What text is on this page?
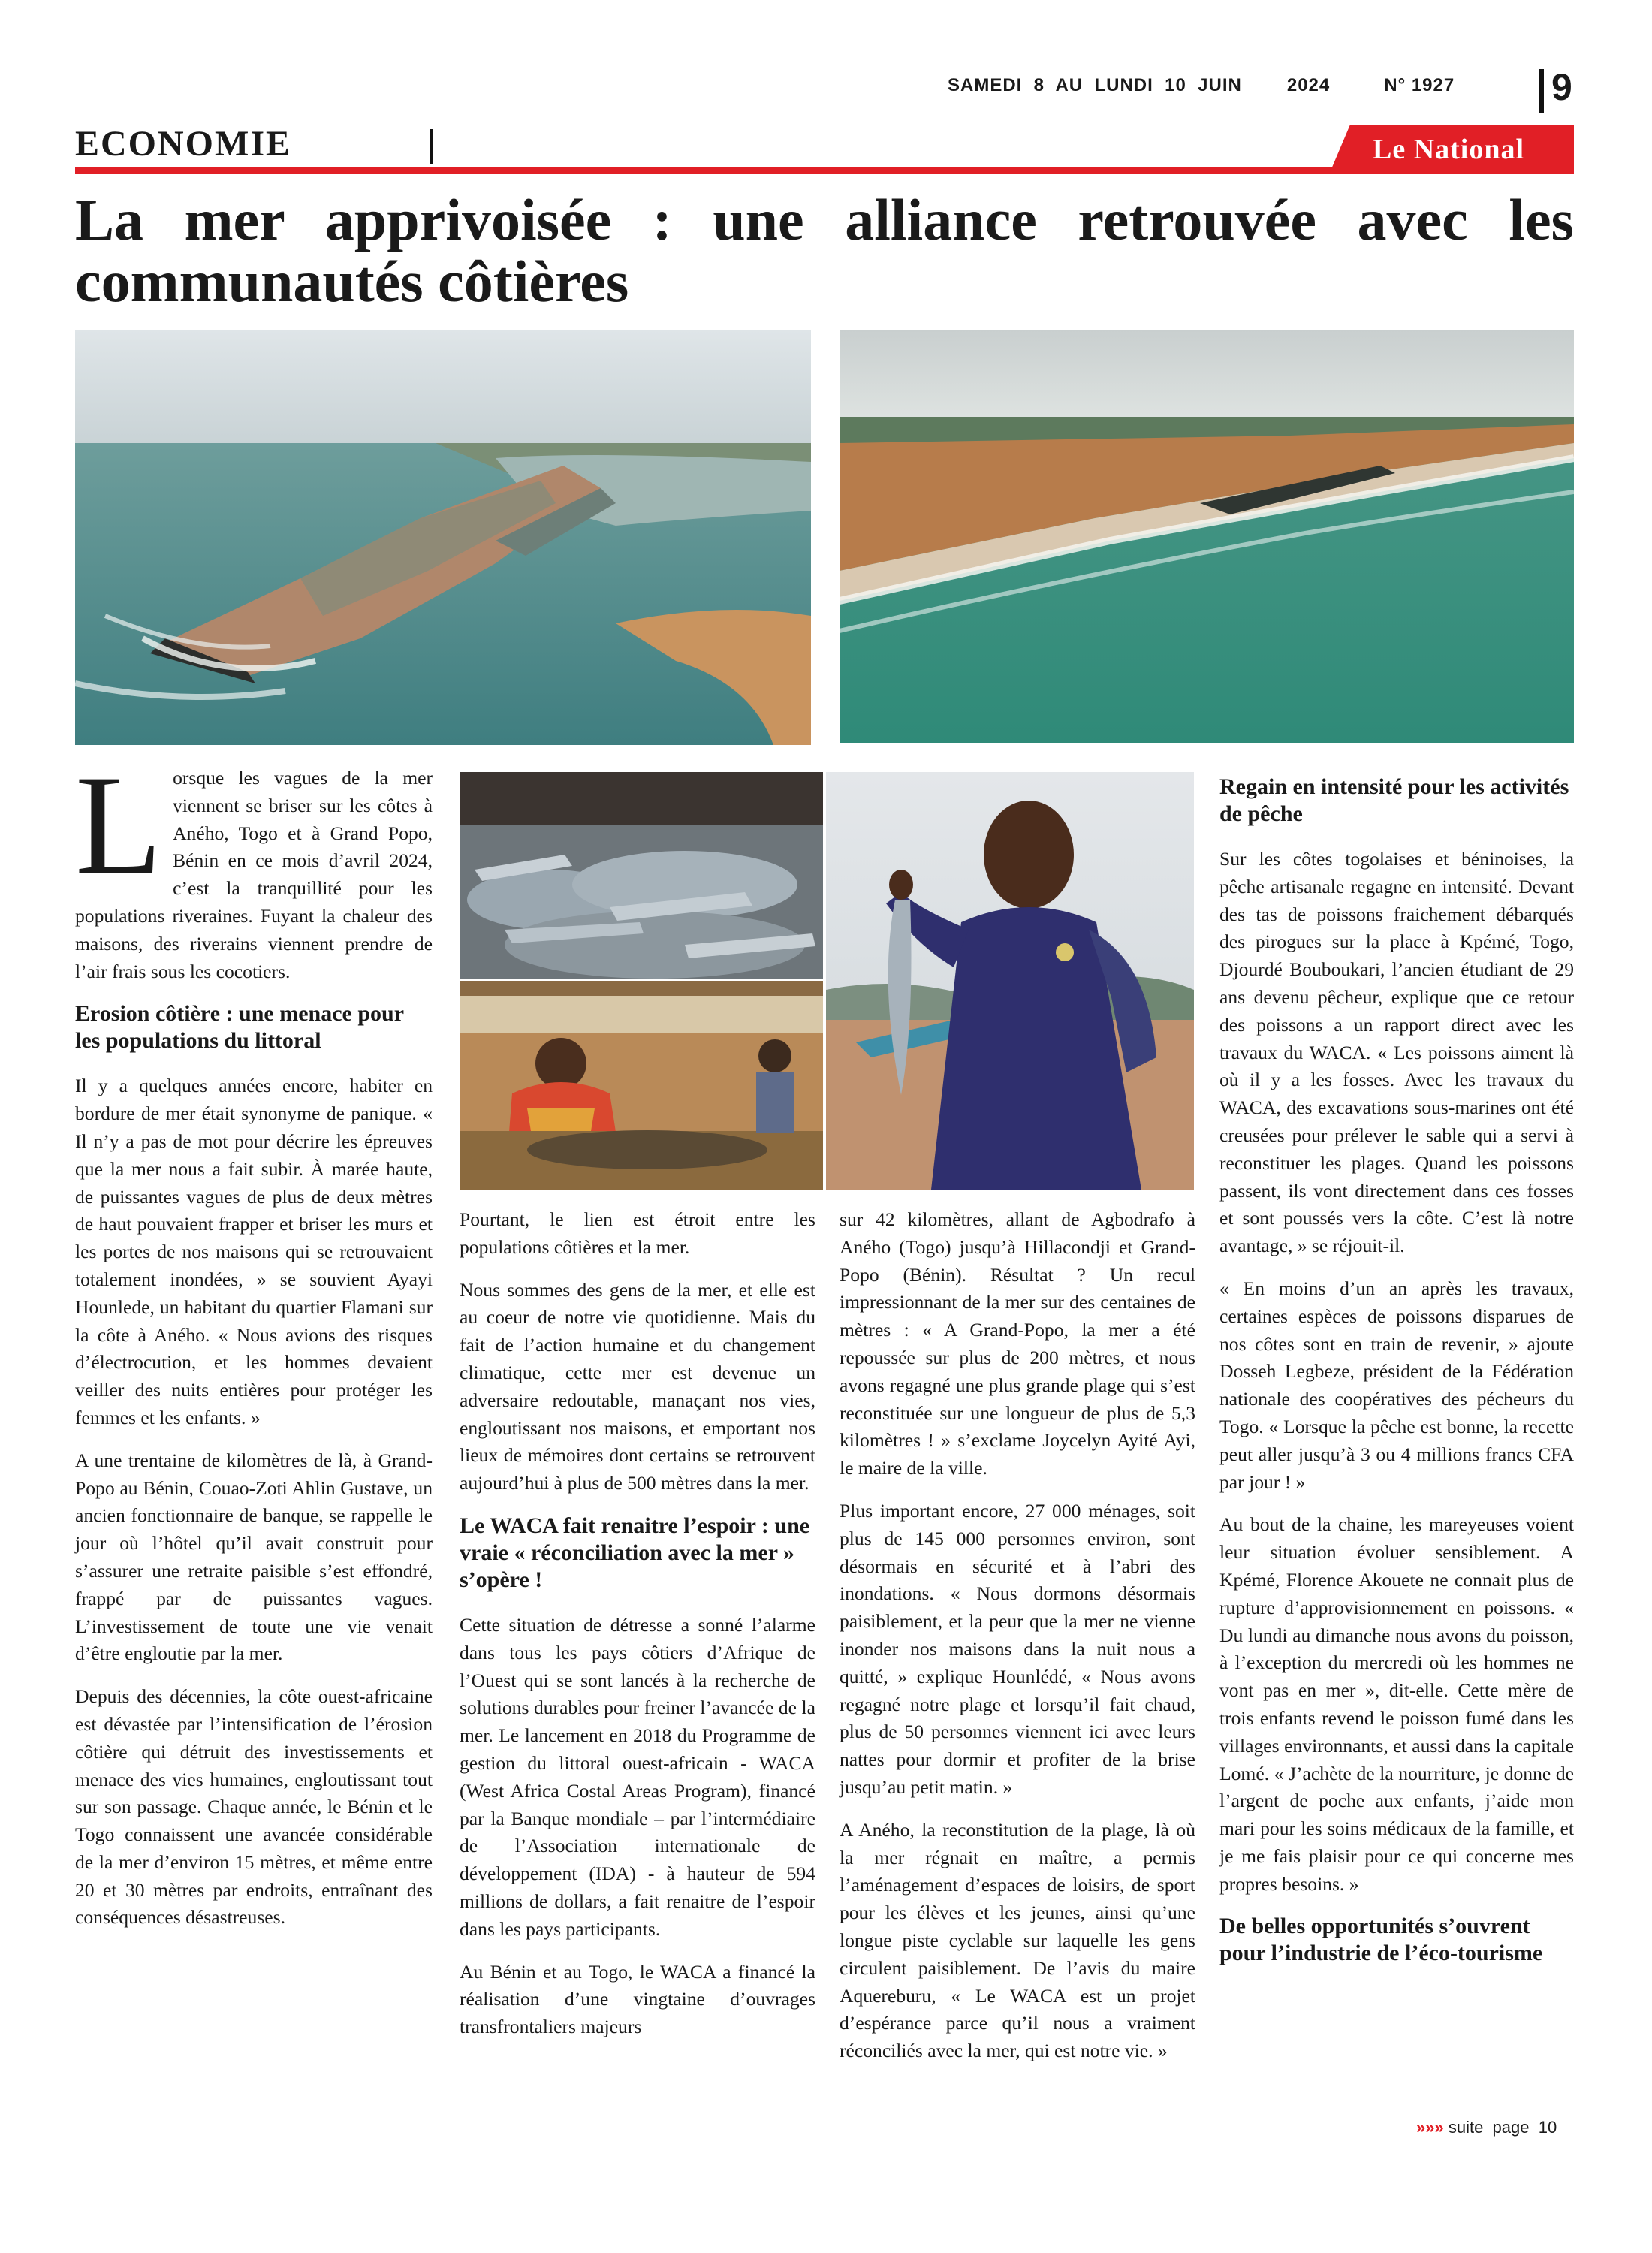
SAMEDI  8  AU  LUNDI  10  JUIN	2024	N° 1927	9
ECONOMIE	Le National
La mer apprivoisée : une alliance retrouvée avec les communautés côtières
L orsque les vagues de la mer viennent se briser sur les côtes à Aného, Togo et à Grand Popo, Bénin en ce mois d’avril 2024, c’est la tranquillité pour les populations riveraines. Fuyant la chaleur des maisons, des riverains viennent prendre de l’air frais sous les cocotiers.

Erosion côtière : une menace pour les populations du littoral

Il y a quelques années encore, habiter en bordure de mer était synonyme de panique. « Il n’y a pas de mot pour décrire les épreuves que la mer nous a fait subir. À marée haute, de puissantes vagues de plus de deux mètres de haut pouvaient frapper et briser les murs et les portes de nos maisons qui se retrouvaient totalement inondées, » se souvient Ayayi Hounlede, un habitant du quartier Flamani sur la côte à Aného. « Nous avions des risques d’électrocution, et les hommes devaient veiller des nuits entières pour protéger les femmes et les enfants. »

A une trentaine de kilomètres de là, à Grand-Popo au Bénin, Couao-Zoti Ahlin Gustave, un ancien fonctionnaire de banque, se rappelle le jour où l’hôtel qu’il avait construit pour s’assurer une retraite paisible s’est effondré, frappé par de puissantes vagues. L’investissement de toute une vie venait d’être engloutie par la mer.

Depuis des décennies, la côte ouest-africaine est dévastée par l’intensification de l’érosion côtière qui détruit des investissements et menace des vies humaines, engloutissant tout sur son passage. Chaque année, le Bénin et le Togo connaissent une avancée considérable de la mer d’environ 15 mètres, et même entre 20 et 30 mètres par endroits, entraînant des conséquences désastreuses.

Pourtant, le lien est étroit entre les populations côtières et la mer.

Nous sommes des gens de la mer, et elle est au coeur de notre vie quotidienne. Mais du fait de l’action humaine et du changement climatique, cette mer est devenue un adversaire redoutable, manaçant nos vies, engloutissant nos maisons, et emportant nos lieux de mémoires dont certains se retrouvent aujourd’hui à plus de 500 mètres dans la mer.

Le WACA fait renaitre l’espoir : une vraie « réconciliation avec la mer » s’opère !

Cette situation de détresse a sonné l’alarme dans tous les pays côtiers d’Afrique de l’Ouest qui se sont lancés à la recherche de solutions durables pour freiner l’avancée de la mer. Le lancement en 2018 du Programme de gestion du littoral ouest-africain - WACA (West Africa Costal Areas Program), financé par la Banque mondiale – par l’intermédiaire de l’Association internationale de développement (IDA) - à hauteur de 594 millions de dollars, a fait renaitre de l’espoir dans les pays participants.

Au Bénin et au Togo, le WACA a financé la réalisation d’une vingtaine d’ouvrages transfrontaliers majeurs

sur 42 kilomètres, allant de Agbodrafo à Aného (Togo) jusqu’à Hillacondji et Grand-Popo (Bénin). Résultat ? Un recul impressionnant de la mer sur des centaines de mètres : « A Grand-Popo, la mer a été repoussée sur plus de 200 mètres, et nous avons regagné une plus grande plage qui s’est reconstituée sur une longueur de plus de 5,3 kilomètres ! » s’exclame Joycelyn Ayité Ayi, le maire de la ville.

Plus important encore, 27 000 ménages, soit plus de 145 000 personnes environ, sont désormais en sécurité et à l’abri des inondations. « Nous dormons désormais paisiblement, et la peur que la mer ne vienne inonder nos maisons dans la nuit nous a quitté, » explique Hounlédé, « Nous avons regagné notre plage et lorsqu’il fait chaud, plus de 50 personnes viennent ici avec leurs nattes pour dormir et profiter de la brise jusqu’au petit matin. »

A Aného, la reconstitution de la plage, là où la mer régnait en maître, a permis l’aménagement d’espaces de loisirs, de sport pour les élèves et les jeunes, ainsi qu’une longue piste cyclable sur laquelle les gens circulent paisiblement. De l’avis du maire Aquereburu, « Le WACA est un projet d’espérance parce qu’il nous a vraiment réconciliés avec la mer, qui est notre vie. »

Regain en intensité pour les activités de pêche

Sur les côtes togolaises et béninoises, la pêche artisanale regagne en intensité. Devant des tas de poissons fraichement débarqués des pirogues sur la place à Kpémé, Togo, Djourdé Bouboukari, l’ancien étudiant de 29 ans devenu pêcheur, explique que ce retour des poissons a un rapport direct avec les travaux du WACA. « Les poissons aiment là où il y a les fosses. Avec les travaux du WACA, des excavations sous-marines ont été creusées pour prélever le sable qui a servi à reconstituer les plages. Quand les poissons passent, ils vont directement dans ces fosses et sont poussés vers la côte. C’est là notre avantage, » se réjouit-il.

« En moins d’un an après les travaux, certaines espèces de poissons disparues de nos côtes sont en train de revenir, » ajoute Dosseh Legbeze, président de la Fédération nationale des coopératives des pécheurs du Togo. « Lorsque la pêche est bonne, la recette peut aller jusqu’à 3 ou 4 millions francs CFA par jour ! »

Au bout de la chaine, les mareyeuses voient leur situation évoluer sensiblement. A Kpémé, Florence Akouete ne connait plus de rupture d’approvisionnement en poissons. « Du lundi au dimanche nous avons du poisson, à l’exception du mercredi où les hommes ne vont pas en mer », dit-elle. Cette mère de trois enfants revend le poisson fumé dans les villages environnants, et aussi dans la capitale Lomé. « J’achète de la nourriture, je donne de l’argent de poche aux enfants, j’aide mon mari pour les soins médicaux de la famille, et je me fais plaisir pour ce qui concerne mes propres besoins. »

De belles opportunités s’ouvrent pour l’industrie de l’éco-tourisme
»»» suite  page  10
